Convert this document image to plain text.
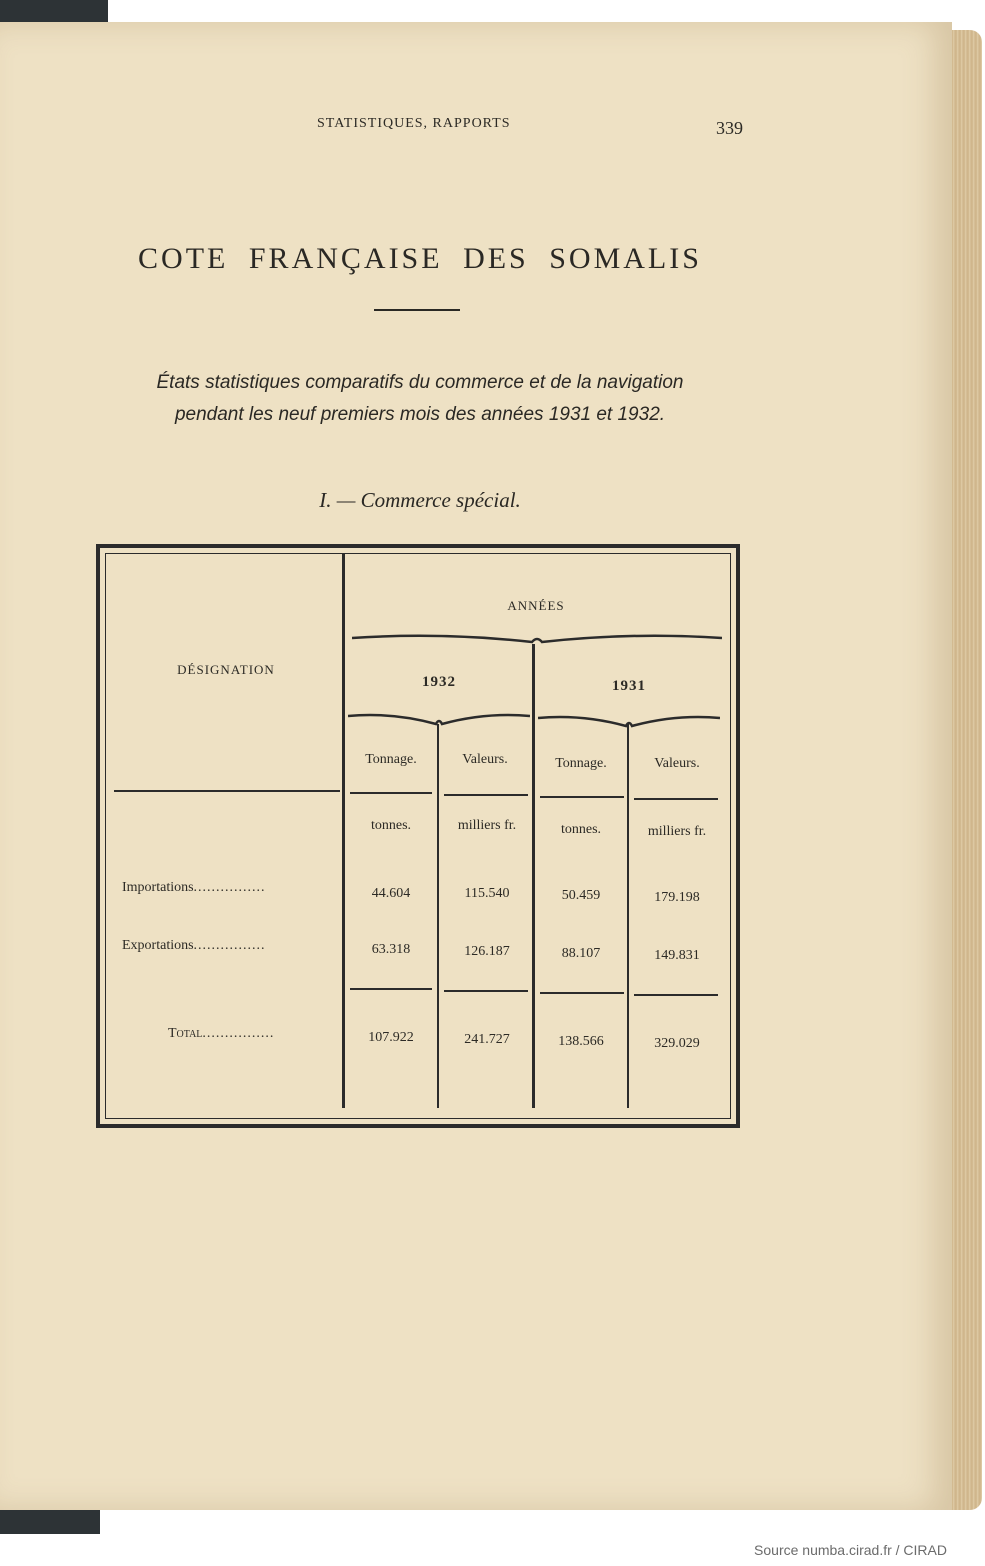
STATISTIQUES, RAPPORTS	339
COTE FRANÇAISE DES SOMALIS
États statistiques comparatifs du commerce et de la navigation
pendant les neuf premiers mois des années 1931 et 1932.
I. — Commerce spécial.
DÉSIGNATION
ANNÉES
1932	1931
Tonnage.	Valeurs.	Tonnage.	Valeurs.
tonnes.	milliers fr.	tonnes.	milliers fr.
Importations................	44.604	115.540	50.459	179.198
Exportations................	63.318	126.187	88.107	149.831
Total................	107.922	241.727	138.566	329.029
Source numba.cirad.fr / CIRAD
